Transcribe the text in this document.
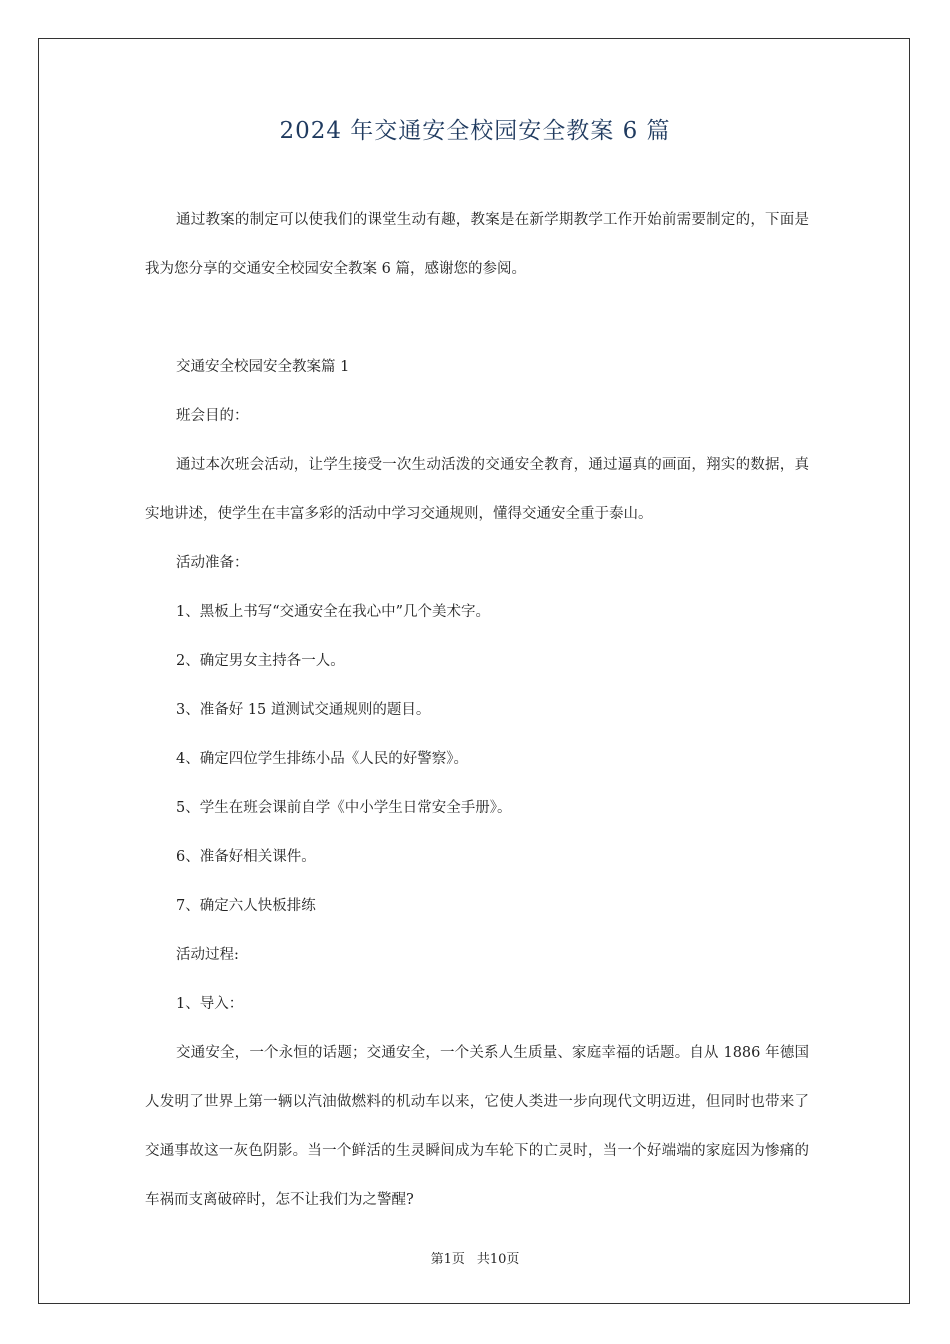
2024 年交通安全校园安全教案 6 篇

通过教案的制定可以使我们的课堂生动有趣，教案是在新学期教学工作开始前需要制定的，下面是我为您分享的交通安全校园安全教案 6 篇，感谢您的参阅。

交通安全校园安全教案篇 1

班会目的：

通过本次班会活动，让学生接受一次生动活泼的交通安全教育，通过逼真的画面，翔实的数据，真实地讲述，使学生在丰富多彩的活动中学习交通规则，懂得交通安全重于泰山。

活动准备：

1、黑板上书写“交通安全在我心中”几个美术字。

2、确定男女主持各一人。

3、准备好 15 道测试交通规则的题目。

4、确定四位学生排练小品《人民的好警察》。

5、学生在班会课前自学《中小学生日常安全手册》。

6、准备好相关课件。

7、确定六人快板排练

活动过程:

1、导入：

交通安全，一个永恒的话题；交通安全，一个关系人生质量、家庭幸福的话题。自从 1886 年德国人发明了世界上第一辆以汽油做燃料的机动车以来，它使人类进一步向现代文明迈进，但同时也带来了交通事故这一灰色阴影。当一个鲜活的生灵瞬间成为车轮下的亡灵时，当一个好端端的家庭因为惨痛的车祸而支离破碎时，怎不让我们为之警醒?

第1页 共10页
